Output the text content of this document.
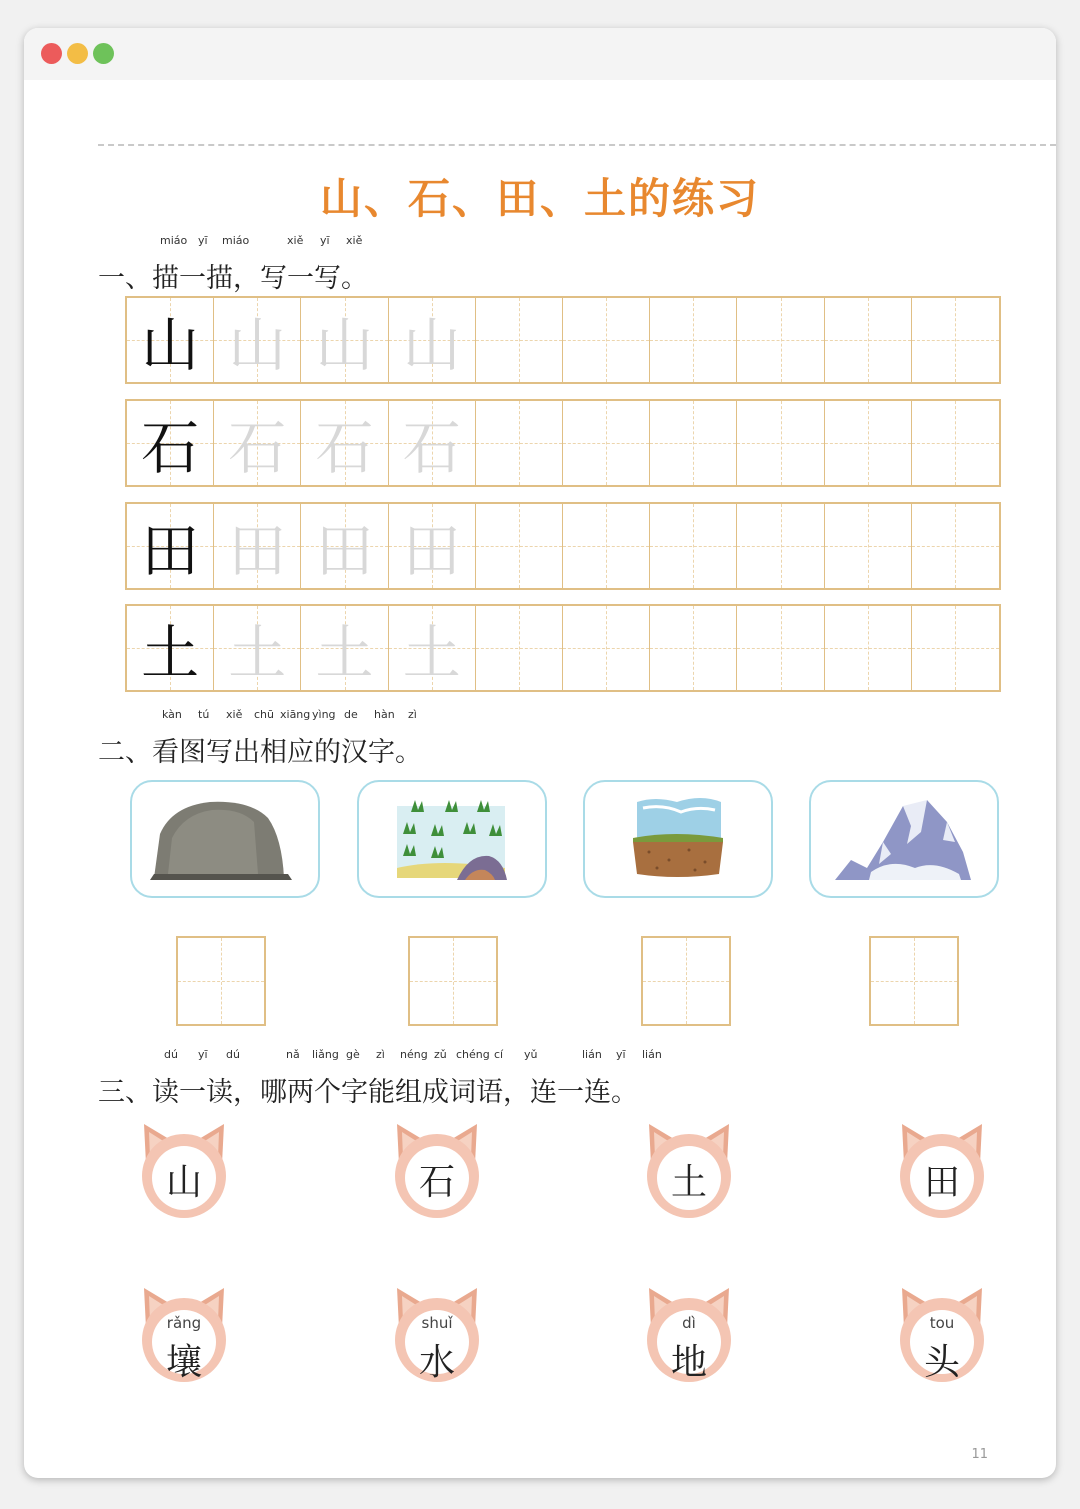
山、石、田、土的练习
miáo yī miáo	xiě yī xiě
一、描一描，写一写。
山 山 山 山
石 石 石 石
田 田 田 田
土 土 土 土
kàn tú xiě chū xiāng yìng de hàn zì
二、看图写出相应的汉字。
dú yī dú	nǎ liǎng gè zì néng zǔ chéng cí yǔ	lián yī lián
三、读一读，哪两个字能组成词语，连一连。
山	石	土	田
rǎng
壤
shuǐ
水
dì
地
tou
头
11
